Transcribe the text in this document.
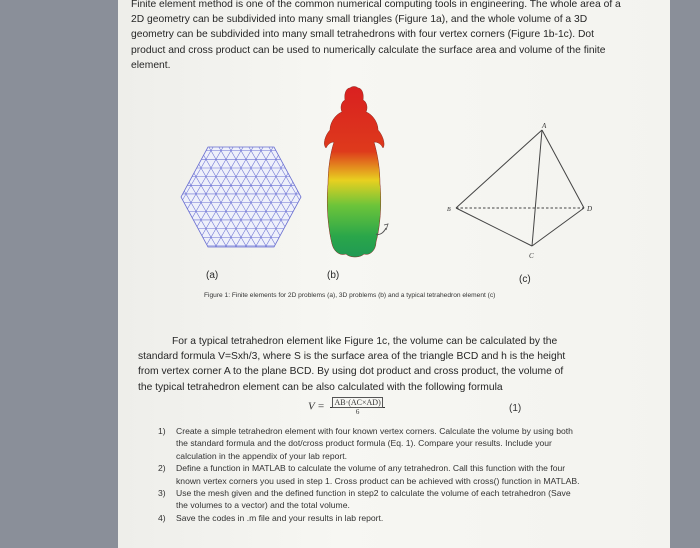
Finite element method is one of the common numerical computing tools in engineering. The whole area of a 2D geometry can be subdivided into many small triangles (Figure 1a), and the whole volume of a 3D geometry can be subdivided into many small tetrahedrons with four vertex corners (Figure 1b-1c). Dot product and cross product can be used to numerically calculate the surface area and volume of the finite element.
A
B
C
D
(a)	(b)	(c)
Figure 1: Finite elements for 2D problems (a), 3D problems (b) and a typical tetrahedron element (c)
For a typical tetrahedron element like Figure 1c, the volume can be calculated by the standard formula V=Sxh/3, where S is the surface area of the triangle BCD and h is the height from vertex corner A to the plane BCD. By using dot product and cross product, the volume of the typical tetrahedron element can be also calculated with the following formula
$V = \frac{AB\cdot(AC\times AD)}{6}$	(1)
1) Create a simple tetrahedron element with four known vertex corners. Calculate the volume by using both the standard formula and the dot/cross product formula (Eq. 1). Compare your results. Include your calculation in the appendix of your lab report.
2) Define a function in MATLAB to calculate the volume of any tetrahedron. Call this function with the four known vertex corners you used in step 1. Cross product can be achieved with cross() function in MATLAB.
3) Use the mesh given and the defined function in step2 to calculate the volume of each tetrahedron (Save the volumes to a vector) and the total volume.
4) Save the codes in .m file and your results in lab report.
